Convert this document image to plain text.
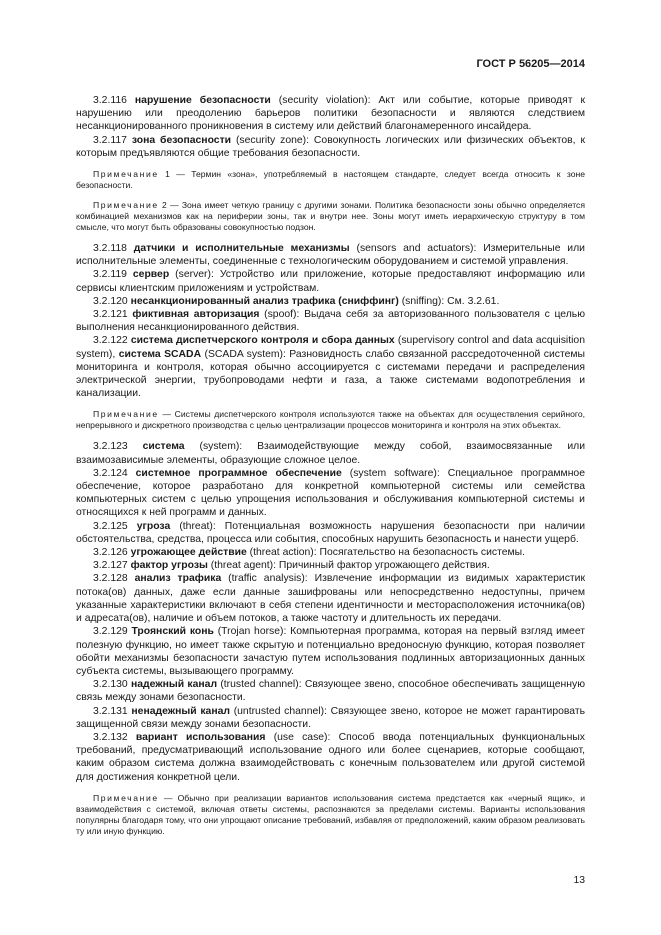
ГОСТ Р 56205—2014

3.2.116 нарушение безопасности (security violation): Акт или событие, которые приводят к нарушению или преодолению барьеров политики безопасности и являются следствием несанкционированного проникновения в систему или действий благонамеренного инсайдера.

3.2.117 зона безопасности (security zone): Совокупность логических или физических объектов, к которым предъявляются общие требования безопасности.

Примечание 1 — Термин «зона», употребляемый в настоящем стандарте, следует всегда относить к зоне безопасности.

Примечание 2 — Зона имеет четкую границу с другими зонами. Политика безопасности зоны обычно определяется комбинацией механизмов как на периферии зоны, так и внутри нее. Зоны могут иметь иерархическую структуру в том смысле, что могут быть образованы совокупностью подзон.

3.2.118 датчики и исполнительные механизмы (sensors and actuators): Измерительные или исполнительные элементы, соединенные с технологическим оборудованием и системой управления.

3.2.119 сервер (server): Устройство или приложение, которые предоставляют информацию или сервисы клиентским приложениям и устройствам.

3.2.120 несанкционированный анализ трафика (сниффинг) (sniffing): См. 3.2.61.

3.2.121 фиктивная авторизация (spoof): Выдача себя за авторизованного пользователя с целью выполнения несанкционированного действия.

3.2.122 система диспетчерского контроля и сбора данных (supervisory control and data acquisition system), система SCADA (SCADA system): Разновидность слабо связанной рассредоточенной системы мониторинга и контроля, которая обычно ассоциируется с системами передачи и распределения электрической энергии, трубопроводами нефти и газа, а также системами водопотребления и канализации.

Примечание — Системы диспетчерского контроля используются также на объектах для осуществления серийного, непрерывного и дискретного производства с целью централизации процессов мониторинга и контроля на этих объектах.

3.2.123 система (system): Взаимодействующие между собой, взаимосвязанные или взаимозависимые элементы, образующие сложное целое.

3.2.124 системное программное обеспечение (system software): Специальное программное обеспечение, которое разработано для конкретной компьютерной системы или семейства компьютерных систем с целью упрощения использования и обслуживания компьютерной системы и относящихся к ней программ и данных.

3.2.125 угроза (threat): Потенциальная возможность нарушения безопасности при наличии обстоятельства, средства, процесса или события, способных нарушить безопасность и нанести ущерб.

3.2.126 угрожающее действие (threat action): Посягательство на безопасность системы.

3.2.127 фактор угрозы (threat agent): Причинный фактор угрожающего действия.

3.2.128 анализ трафика (traffic analysis): Извлечение информации из видимых характеристик потока(ов) данных, даже если данные зашифрованы или непосредственно недоступны, причем указанные характеристики включают в себя степени идентичности и месторасположения источника(ов) и адресата(ов), наличие и объем потоков, а также частоту и длительность их передачи.

3.2.129 Троянский конь (Trojan horse): Компьютерная программа, которая на первый взгляд имеет полезную функцию, но имеет также скрытую и потенциально вредоносную функцию, которая позволяет обойти механизмы безопасности зачастую путем использования подлинных авторизационных данных субъекта системы, вызывающего программу.

3.2.130 надежный канал (trusted channel): Связующее звено, способное обеспечивать защищенную связь между зонами безопасности.

3.2.131 ненадежный канал (untrusted channel): Связующее звено, которое не может гарантировать защищенной связи между зонами безопасности.

3.2.132 вариант использования (use case): Способ ввода потенциальных функциональных требований, предусматривающий использование одного или более сценариев, которые сообщают, каким образом система должна взаимодействовать с конечным пользователем или другой системой для достижения конкретной цели.

Примечание — Обычно при реализации вариантов использования система предстается как «черный ящик», и взаимодействия с системой, включая ответы системы, распознаются за пределами системы. Варианты использования популярны благодаря тому, что они упрощают описание требований, избавляя от предположений, каким образом реализовать ту или иную функцию.

13
